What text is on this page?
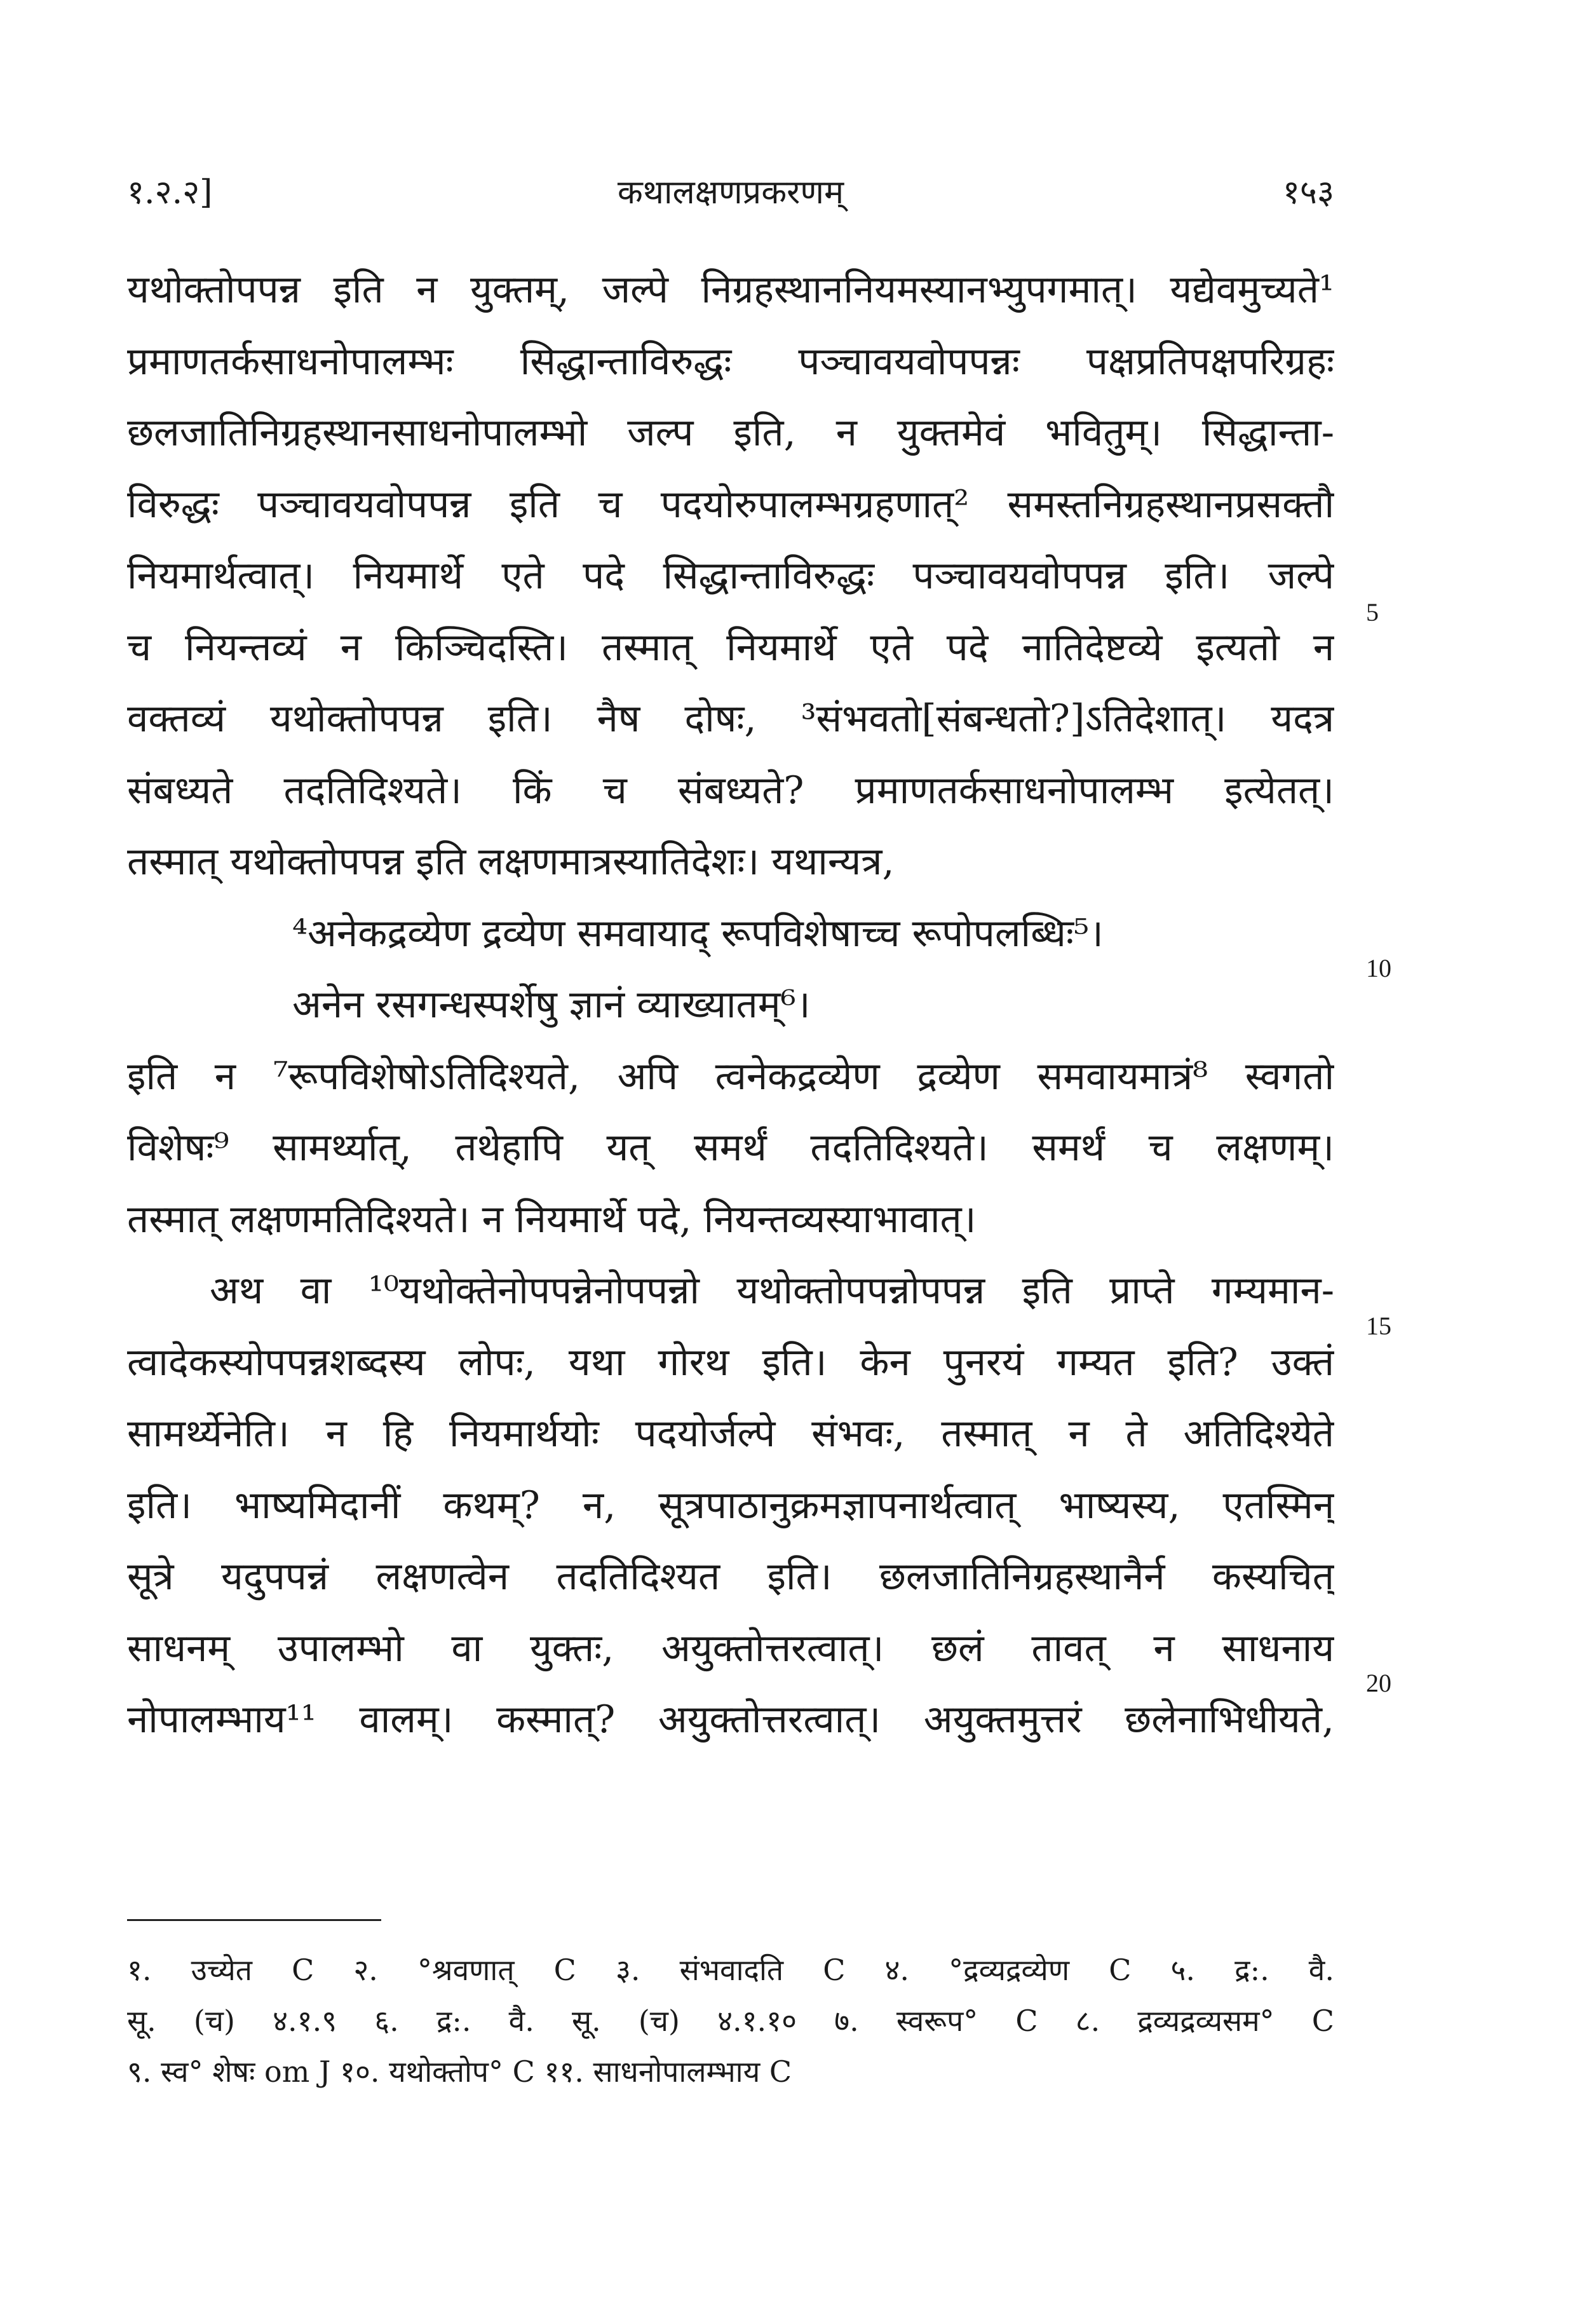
१.२.२]	कथालक्षणप्रकरणम्	१५३
यथोक्तोपपन्न इति न युक्तम्, जल्पे निग्रहस्थाननियमस्यानभ्युपगमात्। यद्येवमुच्यते¹
प्रमाणतर्कसाधनोपालम्भः सिद्धान्ताविरुद्धः पञ्चावयवोपपन्नः पक्षप्रतिपक्षपरिग्रहः
छलजातिनिग्रहस्थानसाधनोपालम्भो जल्प इति, न युक्तमेवं भवितुम्। सिद्धान्ता-
विरुद्धः पञ्चावयवोपपन्न इति च पदयोरुपालम्भग्रहणात्² समस्तनिग्रहस्थानप्रसक्तौ
नियमार्थत्वात्। नियमार्थे एते पदे सिद्धान्ताविरुद्धः पञ्चावयवोपपन्न इति। जल्पे
च नियन्तव्यं न किञ्चिदस्ति। तस्मात् नियमार्थे एते पदे नातिदेष्टव्ये इत्यतो न
वक्तव्यं यथोक्तोपपन्न इति। नैष दोषः, ³संभवतो[संबन्धतो?]ऽतिदेशात्। यदत्र
संबध्यते तदतिदिश्यते। किं च संबध्यते? प्रमाणतर्कसाधनोपालम्भ इत्येतत्।
तस्मात् यथोक्तोपपन्न इति लक्षणमात्रस्यातिदेशः। यथान्यत्र,
⁴अनेकद्रव्येण द्रव्येण समवायाद् रूपविशेषाच्च रूपोपलब्धिः⁵।
अनेन रसगन्धस्पर्शेषु ज्ञानं व्याख्यातम्⁶।
इति न ⁷रूपविशेषोऽतिदिश्यते, अपि त्वनेकद्रव्येण द्रव्येण समवायमात्रं⁸ स्वगतो
विशेषः⁹ सामर्थ्यात्, तथेहापि यत् समर्थं तदतिदिश्यते। समर्थं च लक्षणम्।
तस्मात् लक्षणमतिदिश्यते। न नियमार्थे पदे, नियन्तव्यस्याभावात्।
अथ वा ¹⁰यथोक्तेनोपपन्नेनोपपन्नो यथोक्तोपपन्नोपपन्न इति प्राप्ते गम्यमान-
त्वादेकस्योपपन्नशब्दस्य लोपः, यथा गोरथ इति। केन पुनरयं गम्यत इति? उक्तं
सामर्थ्येनेति। न हि नियमार्थयोः पदयोर्जल्पे संभवः, तस्मात् न ते अतिदिश्येते
इति। भाष्यमिदानीं कथम्? न, सूत्रपाठानुक्रमज्ञापनार्थत्वात् भाष्यस्य, एतस्मिन्
सूत्रे यदुपपन्नं लक्षणत्वेन तदतिदिश्यत इति। छलजातिनिग्रहस्थानैर्न कस्यचित्
साधनम् उपालम्भो वा युक्तः, अयुक्तोत्तरत्वात्। छलं तावत् न साधनाय
नोपालम्भाय¹¹ वालम्। कस्मात्? अयुक्तोत्तरत्वात्। अयुक्तमुत्तरं छलेनाभिधीयते,
5
10
15
20
१. उच्येत C २. °श्रवणात् C ३. संभवादति C ४. °द्रव्यद्रव्येण C ५. द्र:. वै.
सू. (च) ४.१.९ ६. द्र:. वै. सू. (च) ४.१.१० ७. स्वरूप° C ८. द्रव्यद्रव्यसम° C
९. स्व° शेषः om J १०. यथोक्तोप° C ११. साधनोपालम्भाय C
